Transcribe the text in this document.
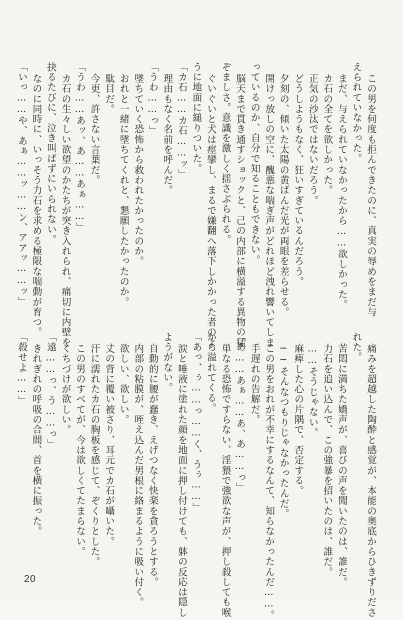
この男を何度も拒んできたのに、真実の辱めをまだ与
えられていなかった。
まだ、与えられていなかったから……欲しかった。
カ石の全てを欲しかった。
正気の沙汰ではないだろう。
どうしようもなく、狂いすぎているんだろう。
夕刻の、傾いた太陽の黄ばんだ光が両眼を差らせる。
開けっ放しの空に、醜悪な喘ぎ声がどれほど洩れ響いてしま
っているのか、自分で知ることもできない。
脳天まで貫き通すショックと、己の内部に横溢する異物の猛
ぞましさ。意識を激しく揺さぶられる。
ぐいぐいと犬は痙攣し、まるで嫌翻へ落下しかかった者のよ
うに地面に縋りついた。
「カ石……カ石……ッ」
理由もなく名前を呼んだ。
「うわ……っ」
墜ちていく恐怖から救われたかったのか。
おれと一緒に墜ちてくれと、懇願したかったのか。
駄目だ。
今更、許さない言葉だ。
「うわ……あッ、あ……あぁ……」
カ石の生々しい欲望のかたちが突き入れられ、痛切に内壁を
抉るたびに、泣き叫ばずにいられない。
なのに同時に、いっそう力石を求める極限な喘動が育つ。
「いっ……や、あぁ……ッ……ン、アアッ……ッ」
痛みを超越した陶酔と感覚が、本能の奥底からひきずりださ
れた。
苦悶に満ちた嬌声が、喜びの声を聞いたのは、誰だ。
力石を追い込んで、この強暴を招いたのは、誰だ。
……そうじゃない。
麻痺した心の片隅で、否定する。
──そんなつもりじゃなかったんだ。
この男をおれが不幸にするなんて、知らなかったんだ……。
手遅れの告解だ。
「あ……あぁ……あ、あ……っ」
単なる恐怖ですらない、淫猥で強欲な声が、押し殺しても喉
から溢れてくる。
「あっ、ぅ……っ……く、うぅ……」
涙と唾液に塗れた顔を地面に押し付けても、躰の反応は隠し
ようがない。
自動的に腰が蠢き、えげつなく快楽を貪ろうとする。
内部の粘膜が、咥え込んだ男根に絡まるように吸い付く。
欲しい、欲しい。
丈の背に覆い被さり、耳元でカ石が囁いた。
汗に濡れたカ石の胸板を感じて、ぞくりとした。
この男のすべてが、今は欲しくてたまらない。
くちづけが欲しい。
「遠……っ、う……っ」
きれぎれの呼吸の合間、首を横に振った。
「殺せよ……」
20
